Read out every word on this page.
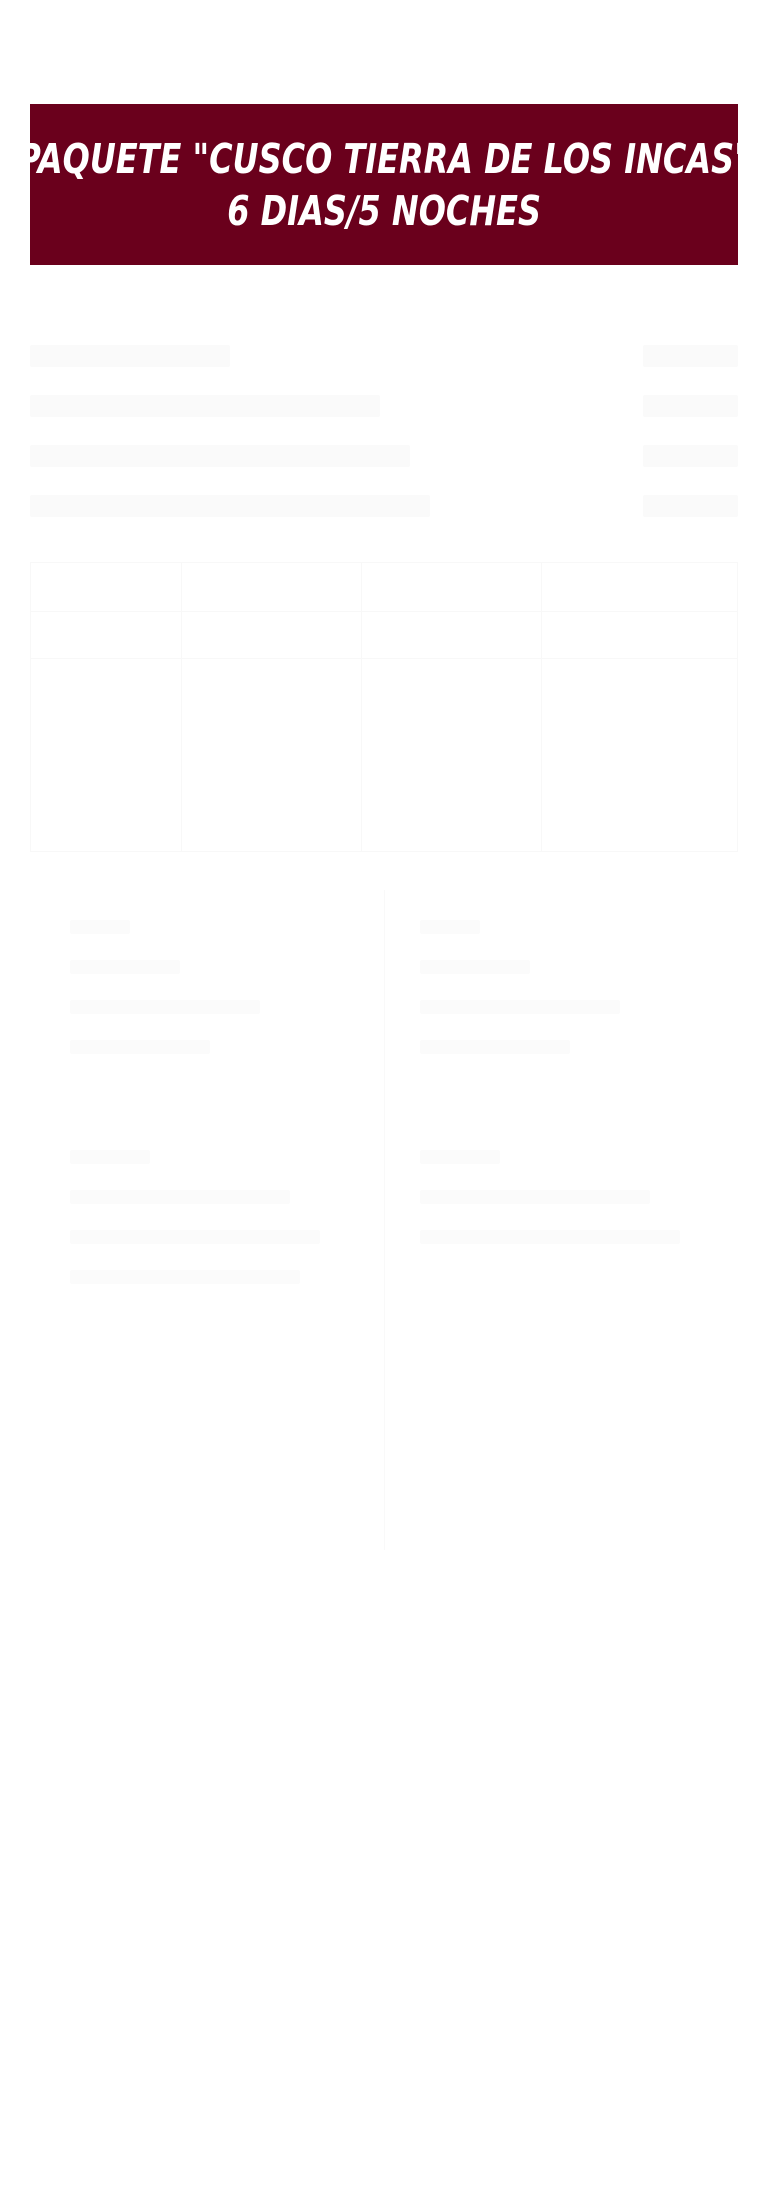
PAQUETE "CUSCO TIERRA DE LOS INCAS"
6 DIAS/5 NOCHES
